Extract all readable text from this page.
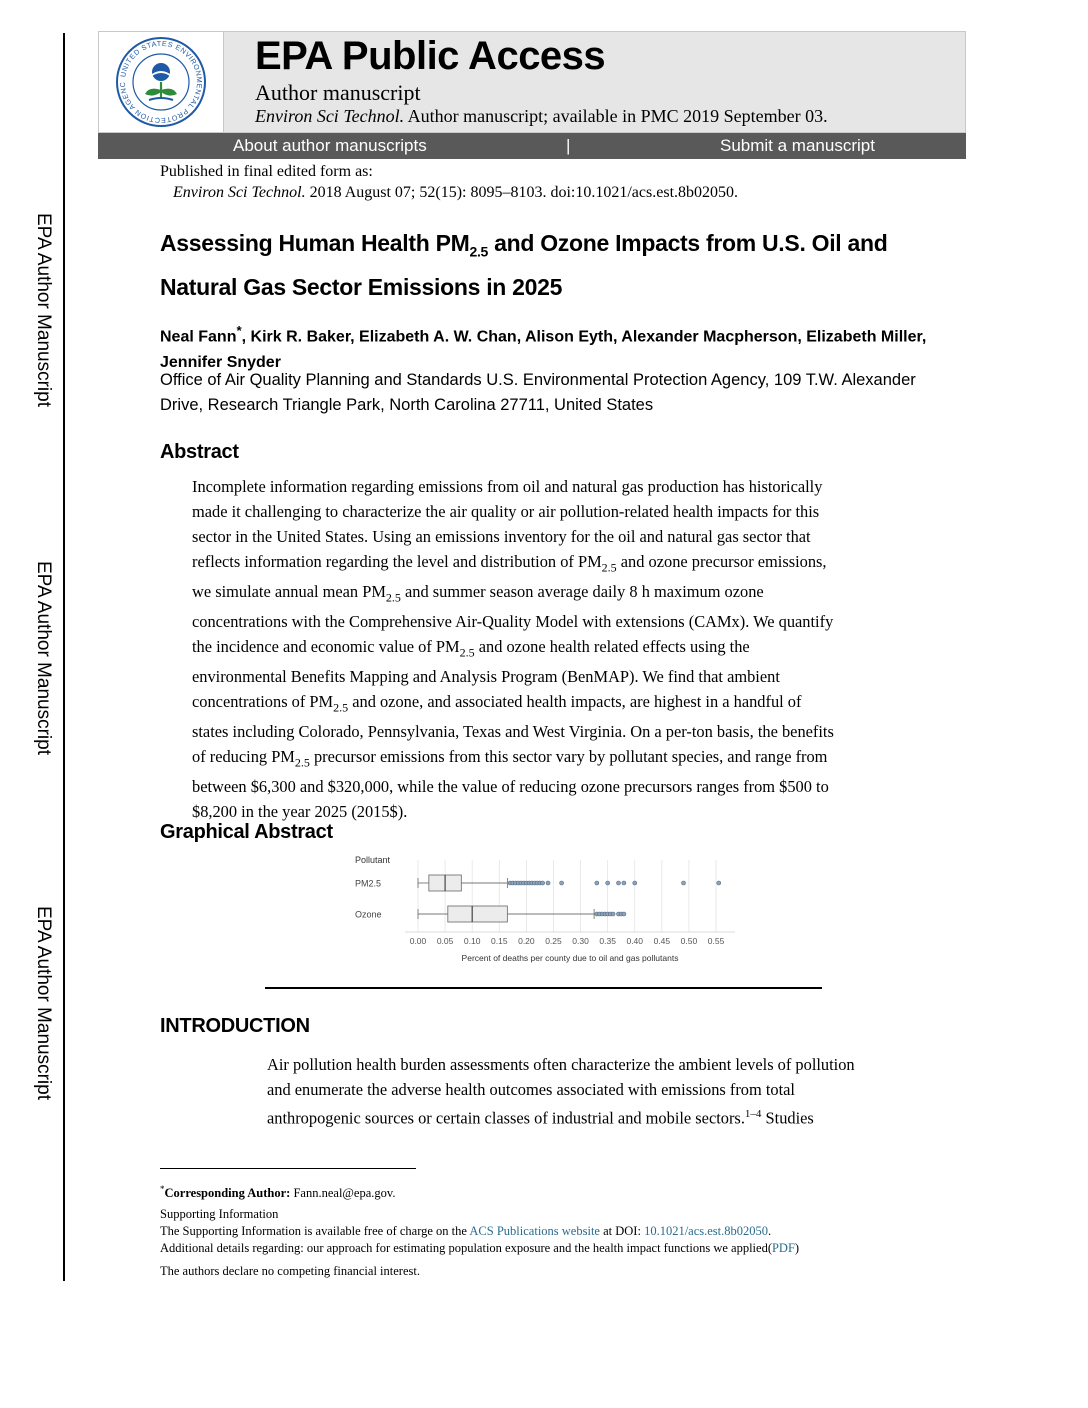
EPA Author Manuscript
EPA Author Manuscript
EPA Author Manuscript
UNITED STATES ENVIRONMENTAL PROTECTION AGENC
EPA Public Access
Author manuscript
Environ Sci Technol. Author manuscript; available in PMC 2019 September 03.
About author manuscripts	|	Submit a manuscript
Published in final edited form as:
Environ Sci Technol. 2018 August 07; 52(15): 8095–8103. doi:10.1021/acs.est.8b02050.
Assessing Human Health $PM_{2.5}$ and Ozone Impacts from U.S. Oil and Natural Gas Sector Emissions in 2025
Neal Fann*, Kirk R. Baker, Elizabeth A. W. Chan, Alison Eyth, Alexander Macpherson, Elizabeth Miller, Jennifer Snyder
Office of Air Quality Planning and Standards U.S. Environmental Protection Agency, 109 T.W. Alexander Drive, Research Triangle Park, North Carolina 27711, United States
Abstract
Incomplete information regarding emissions from oil and natural gas production has historically
made it challenging to characterize the air quality or air pollution-related health impacts for this
sector in the United States. Using an emissions inventory for the oil and natural gas sector that
reflects information regarding the level and distribution of $PM_{2.5}$ and ozone precursor emissions,
we simulate annual mean $PM_{2.5}$ and summer season average daily 8 h maximum ozone
concentrations with the Comprehensive Air-Quality Model with extensions (CAMx). We quantify
the incidence and economic value of $PM_{2.5}$ and ozone health related effects using the
environmental Benefits Mapping and Analysis Program (BenMAP). We find that ambient
concentrations of $PM_{2.5}$ and ozone, and associated health impacts, are highest in a handful of
states including Colorado, Pennsylvania, Texas and West Virginia. On a per-ton basis, the benefits
of reducing $PM_{2.5}$ precursor emissions from this sector vary by pollutant species, and range from
between $6,300 and $320,000, while the value of reducing ozone precursors ranges from $500 to
$8,200 in the year 2025 (2015$).
Graphical Abstract
0.00 0.05 0.10 0.15 0.20 0.25 0.30 0.35 0.40 0.45 0.50 0.55
Percent of deaths per county due to oil and gas pollutants
Pollutant
PM2.5
Ozone
INTRODUCTION
Air pollution health burden assessments often characterize the ambient levels of pollution
and enumerate the adverse health outcomes associated with emissions from total
anthropogenic sources or certain classes of industrial and mobile sectors.$^{1-4}$ Studies
*Corresponding Author: Fann.neal@epa.gov.
Supporting Information
The Supporting Information is available free of charge on the ACS Publications website at DOI: 10.1021/acs.est.8b02050.
Additional details regarding: our approach for estimating population exposure and the health impact functions we applied(PDF)
The authors declare no competing financial interest.
